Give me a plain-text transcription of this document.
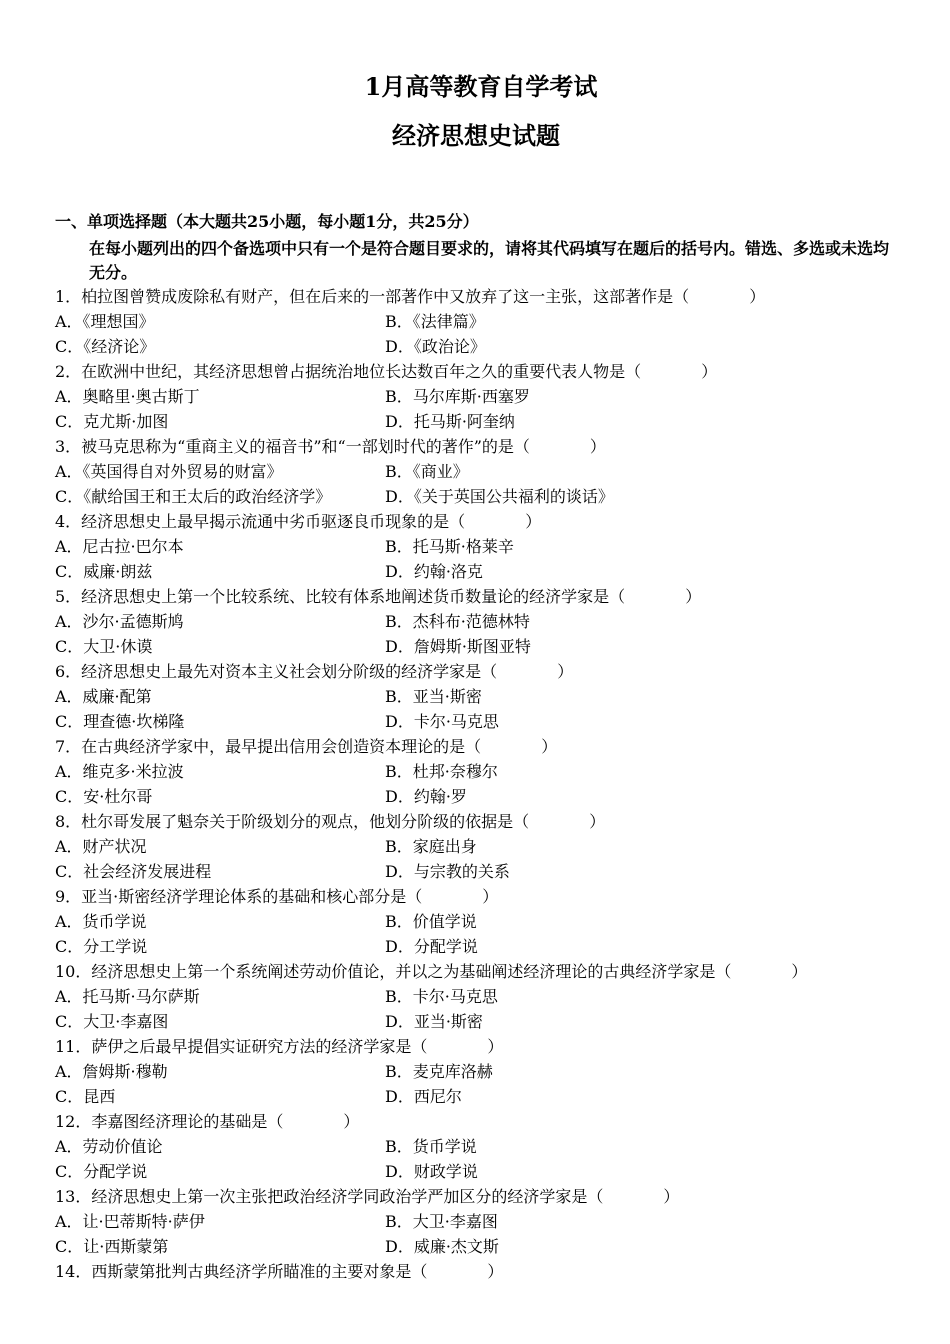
1月高等教育自学考试
经济思想史试题
一、单项选择题（本大题共25小题，每小题1分，共25分）
在每小题列出的四个备选项中只有一个是符合题目要求的，请将其代码填写在题后的括号内。错选、多选或未选均无分。
1．柏拉图曾赞成废除私有财产，但在后来的一部著作中又放弃了这一主张，这部著作是（	）
A．《理想国》	B．《法律篇》
C．《经济论》	D．《政治论》
2．在欧洲中世纪，其经济思想曾占据统治地位长达数百年之久的重要代表人物是（	）
A．奥略里·奥古斯丁	B．马尔库斯·西塞罗
C．克尤斯·加图	D．托马斯·阿奎纳
3．被马克思称为“重商主义的福音书”和“一部划时代的著作”的是（	）
A．《英国得自对外贸易的财富》	B．《商业》
C．《献给国王和王太后的政治经济学》	D．《关于英国公共福利的谈话》
4．经济思想史上最早揭示流通中劣币驱逐良币现象的是（	）
A．尼古拉·巴尔本	B．托马斯·格莱辛
C．威廉·朗兹	D．约翰·洛克
5．经济思想史上第一个比较系统、比较有体系地阐述货币数量论的经济学家是（	）
A．沙尔·孟德斯鸠	B．杰科布·范德林特
C．大卫·休谟	D．詹姆斯·斯图亚特
6．经济思想史上最先对资本主义社会划分阶级的经济学家是（	）
A．威廉·配第	B．亚当·斯密
C．理查德·坎梯隆	D．卡尔·马克思
7．在古典经济学家中，最早提出信用会创造资本理论的是（	）
A．维克多·米拉波	B．杜邦·奈穆尔
C．安·杜尔哥	D．约翰·罗
8．杜尔哥发展了魁奈关于阶级划分的观点，他划分阶级的依据是（	）
A．财产状况	B．家庭出身
C．社会经济发展进程	D．与宗教的关系
9．亚当·斯密经济学理论体系的基础和核心部分是（	）
A．货币学说	B．价值学说
C．分工学说	D．分配学说
10．经济思想史上第一个系统阐述劳动价值论，并以之为基础阐述经济理论的古典经济学家是（	）
A．托马斯·马尔萨斯	B．卡尔·马克思
C．大卫·李嘉图	D．亚当·斯密
11．萨伊之后最早提倡实证研究方法的经济学家是（	）
A．詹姆斯·穆勒	B．麦克库洛赫
C．昆西	D．西尼尔
12．李嘉图经济理论的基础是（	）
A．劳动价值论	B．货币学说
C．分配学说	D．财政学说
13．经济思想史上第一次主张把政治经济学同政治学严加区分的经济学家是（	）
A．让·巴蒂斯特·萨伊	B．大卫·李嘉图
C．让·西斯蒙第	D．威廉·杰文斯
14．西斯蒙第批判古典经济学所瞄准的主要对象是（	）
